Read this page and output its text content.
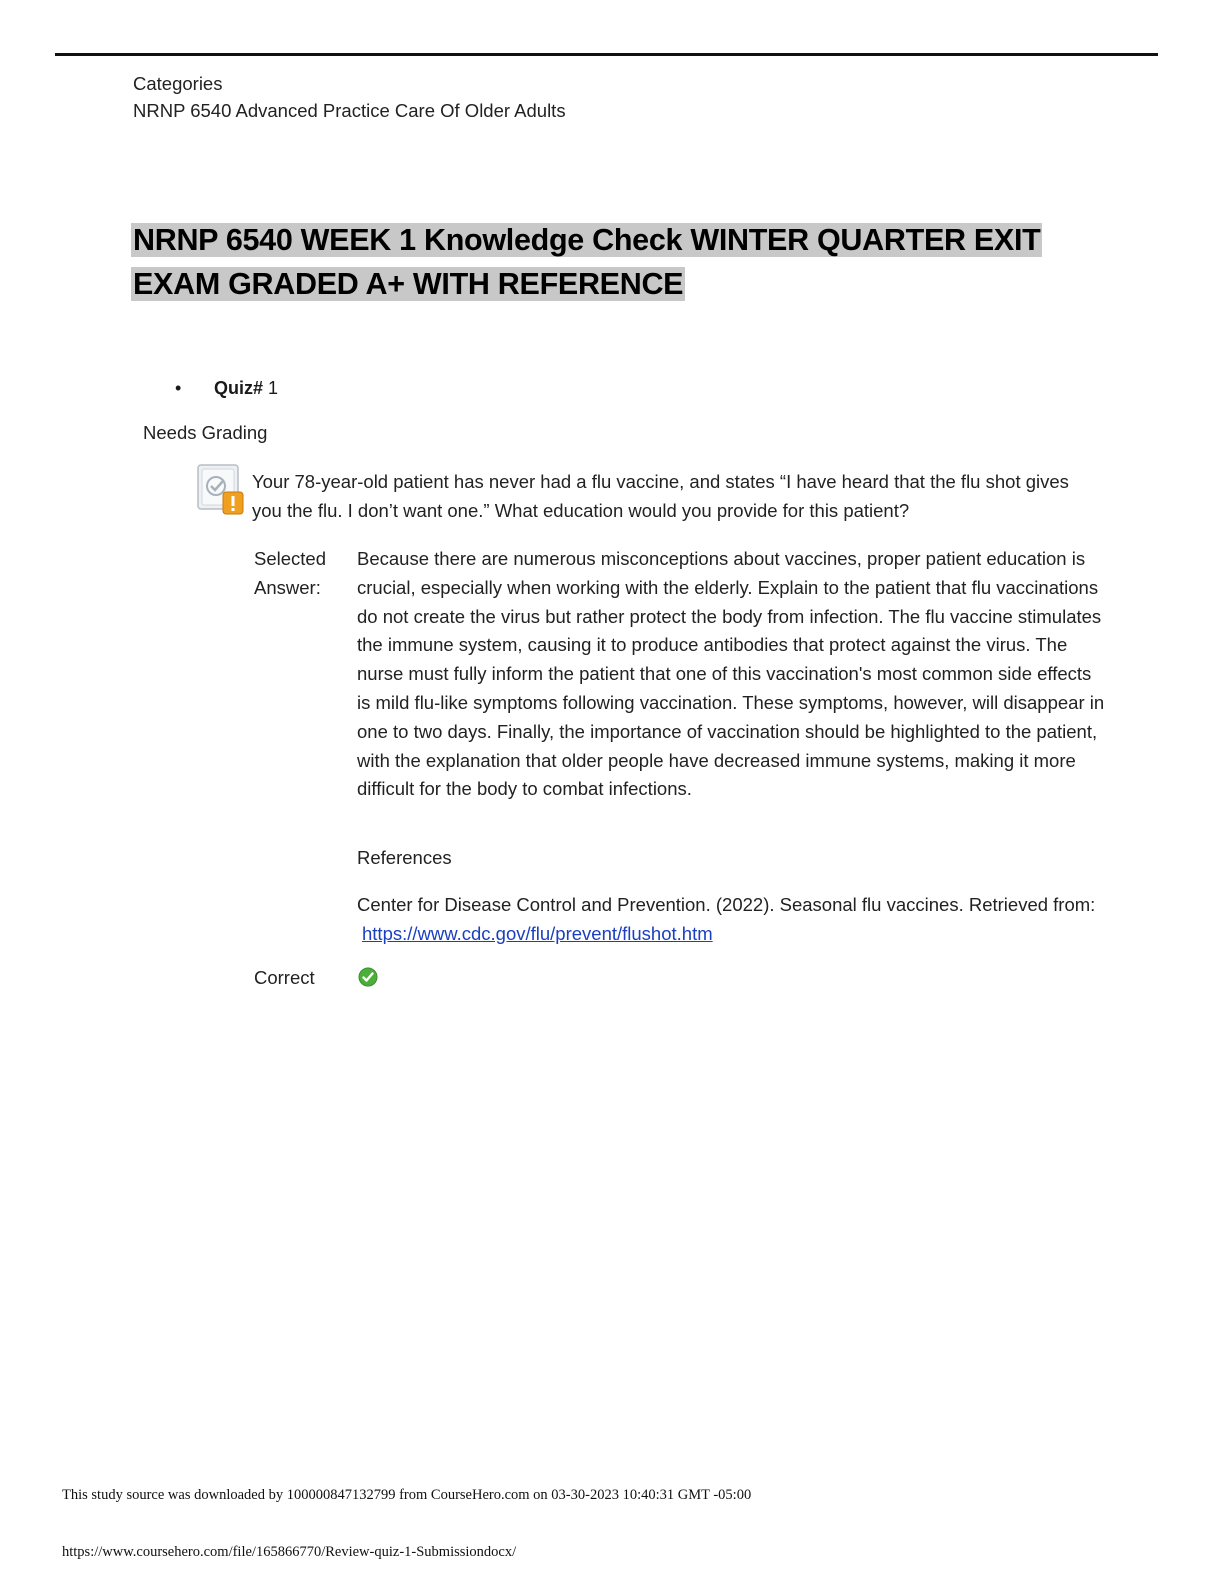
Categories
NRNP 6540 Advanced Practice Care Of Older Adults
NRNP 6540 WEEK 1 Knowledge Check WINTER QUARTER EXIT EXAM GRADED A+ WITH REFERENCE
• Quiz# 1
Needs Grading
Your 78-year-old patient has never had a flu vaccine, and states “I have heard that the flu shot gives you the flu. I don’t want one.” What education would you provide for this patient?
Selected
Answer:
Because there are numerous misconceptions about vaccines, proper patient education is crucial, especially when working with the elderly. Explain to the patient that flu vaccinations do not create the virus but rather protect the body from infection. The flu vaccine stimulates the immune system, causing it to produce antibodies that protect against the virus. The nurse must fully inform the patient that one of this vaccination's most common side effects is mild flu-like symptoms following vaccination. These symptoms, however, will disappear in one to two days. Finally, the importance of vaccination should be highlighted to the patient, with the explanation that older people have decreased immune systems, making it more difficult for the body to combat infections.
References
Center for Disease Control and Prevention. (2022). Seasonal flu vaccines. Retrieved from: https://www.cdc.gov/flu/prevent/flushot.htm
Correct
This study source was downloaded by 100000847132799 from CourseHero.com on 03-30-2023 10:40:31 GMT -05:00
https://www.coursehero.com/file/165866770/Review-quiz-1-Submissiondocx/
